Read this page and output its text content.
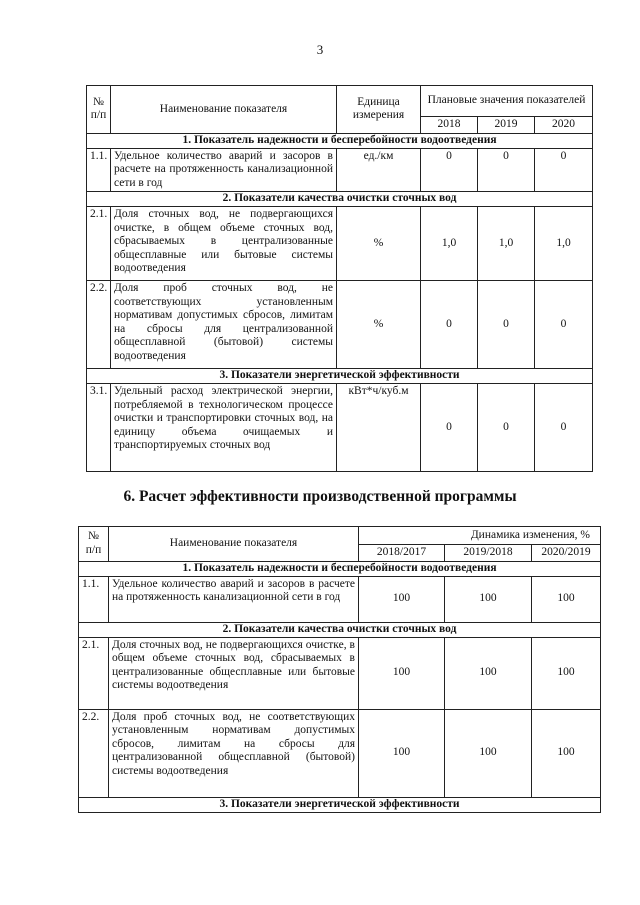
3
№
п/п	Наименование показателя	Единица измерения	Плановые значения показателей		
			2018	2019	2020
1. Показатель надежности и бесперебойности водоотведения					
1.1.	Удельное количество аварий и засоров в расчете на протяженность канализационной сети в год	ед./км	0	0	0
2. Показатели качества очистки сточных вод					
2.1.	Доля сточных вод, не подвергающихся очистке, в общем объеме сточных вод, сбрасываемых в централизованные общесплавные или бытовые системы водоотведения	%	1,0	1,0	1,0
2.2.	Доля проб сточных вод, не соответствующих установленным нормативам допустимых сбросов, лимитам на сбросы для централизованной общесплавной (бытовой) системы водоотведения	%	0	0	0
3. Показатели энергетической эффективности					
3.1.	Удельный расход электрической энергии, потребляемой в технологическом процессе очистки и транспортировки сточных вод, на единицу объема очищаемых и транспортируемых сточных вод	кВт*ч/куб.м	0	0	0
6. Расчет эффективности производственной программы
№
п/п	Наименование показателя	Динамика изменения, %		
		2018/2017	2019/2018	2020/2019
1. Показатель надежности и бесперебойности водоотведения				
1.1.	Удельное количество аварий и засоров в расчете на протяженность канализационной сети в год	100	100	100
2. Показатели качества очистки сточных вод				
2.1.	Доля сточных вод, не подвергающихся очистке, в общем объеме сточных вод, сбрасываемых в централизованные общесплавные или бытовые системы водоотведения	100	100	100
2.2.	Доля проб сточных вод, не соответствующих установленным нормативам допустимых сбросов, лимитам на сбросы для централизованной общесплавной (бытовой) системы водоотведения	100	100	100
3. Показатели энергетической эффективности				
